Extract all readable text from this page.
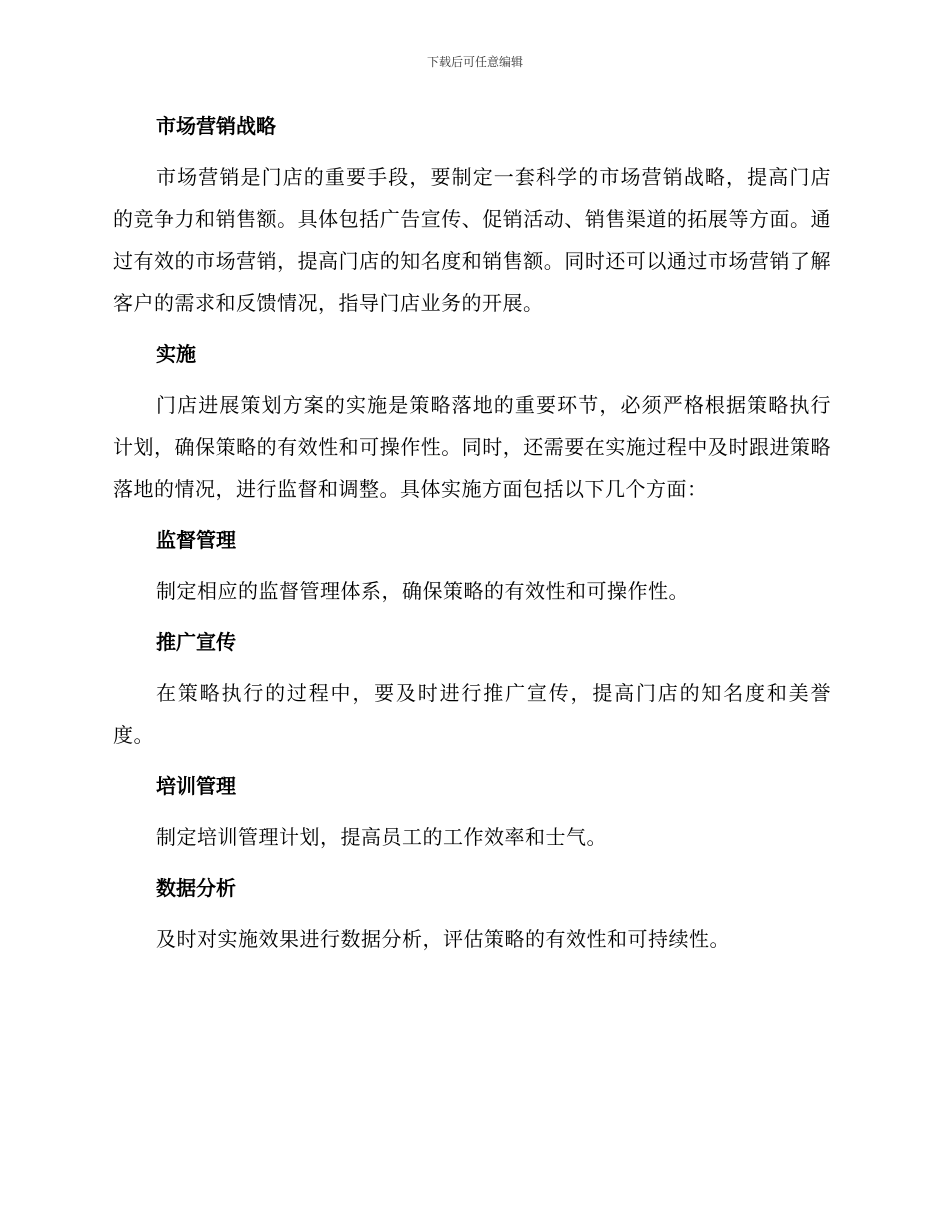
下载后可任意编辑
市场营销战略

市场营销是门店的重要手段，要制定一套科学的市场营销战略，提高门店的竞争力和销售额。具体包括广告宣传、促销活动、销售渠道的拓展等方面。通过有效的市场营销，提高门店的知名度和销售额。同时还可以通过市场营销了解客户的需求和反馈情况，指导门店业务的开展。

实施

门店进展策划方案的实施是策略落地的重要环节，必须严格根据策略执行计划，确保策略的有效性和可操作性。同时，还需要在实施过程中及时跟进策略落地的情况，进行监督和调整。具体实施方面包括以下几个方面：

监督管理

制定相应的监督管理体系，确保策略的有效性和可操作性。

推广宣传

在策略执行的过程中，要及时进行推广宣传，提高门店的知名度和美誉度。

培训管理

制定培训管理计划，提高员工的工作效率和士气。

数据分析

及时对实施效果进行数据分析，评估策略的有效性和可持续性。
